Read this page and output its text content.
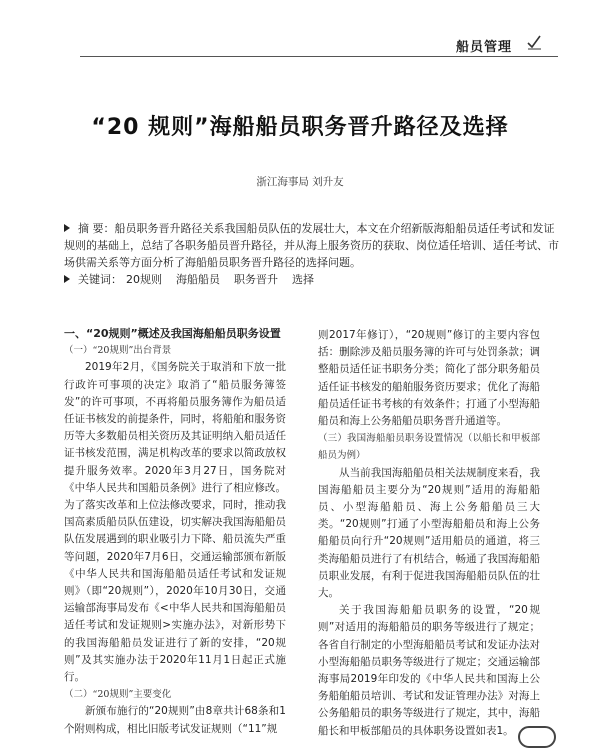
船员管理
“20 规则”海船船员职务晋升路径及选择
浙江海事局 刘升友

摘 要：船员职务晋升路径关系我国船员队伍的发展壮大，本文在介绍新版海船船员适任考试和发证规则的基础上，总结了各职务船员晋升路径，并从海上服务资历的获取、岗位适任培训、适任考试、市场供需关系等方面分析了海船船员职务晋升路径的选择问题。

关键词： 20规则 海船船员 职务晋升 选择

一、“20规则”概述及我国海船船员职务设置

（一）“20规则”出台背景

2019年2月，《国务院关于取消和下放一批行政许可事项的决定》取消了“船员服务簿签发”的许可事项，不再将船员服务簿作为船员适任证书核发的前提条件，同时，将船舶和服务资历等大多数船员相关资历及其证明纳入船员适任证书核发范围，满足机构改革的要求以简政放权提升服务效率。2020年3月27日，国务院对《中华人民共和国船员条例》进行了相应修改。为了落实改革和上位法修改要求，同时，推动我国高素质船员队伍建设，切实解决我国海船船员队伍发展遇到的职业吸引力下降、船员流失严重等问题，2020年7月6日，交通运输部颁布新版《中华人民共和国海船船员适任考试和发证规则》（即“20规则”），2020年10月30日，交通运输部海事局发布《<中华人民共和国海船船员适任考试和发证规则>实施办法》，对新形势下的我国海船船员发证进行了新的安排，“20规则”及其实施办法于2020年11月1日起正式施行。

（二）“20规则”主要变化

新颁布施行的“20规则”由8章共计68条和1个附则构成，相比旧版考试发证规则（“11”规

则2017年修订），“20规则”修订的主要内容包括：删除涉及船员服务簿的许可与处罚条款；调整船员适任证书职务分类；简化了部分职务船员适任证书核发的船舶服务资历要求；优化了海船船员适任证书考核的有效条件；打通了小型海船船员和海上公务船船员职务晋升通道等。

（三）我国海船船员职务设置情况（以船长和甲板部船员为例）

从当前我国海船船员相关法规制度来看，我国海船船员主要分为“20规则”适用的海船船员、小型海船船员、海上公务船船员三大类。“20规则”打通了小型海船船员和海上公务船船员向行升“20规则”适用船员的通道，将三类海船船员进行了有机结合，畅通了我国海船船员职业发展，有利于促进我国海船船员队伍的壮大。

关于我国海船船员职务的设置，“20规则”对适用的海船船员的职务等级进行了规定；各省自行制定的小型海船船员考试和发证办法对小型海船船员职务等级进行了规定；交通运输部海事局2019年印发的《中华人民共和国海上公务船舶船员培训、考试和发证管理办法》对海上公务船船员的职务等级进行了规定，其中，海船船长和甲板部船员的具体职务设置如表1。
